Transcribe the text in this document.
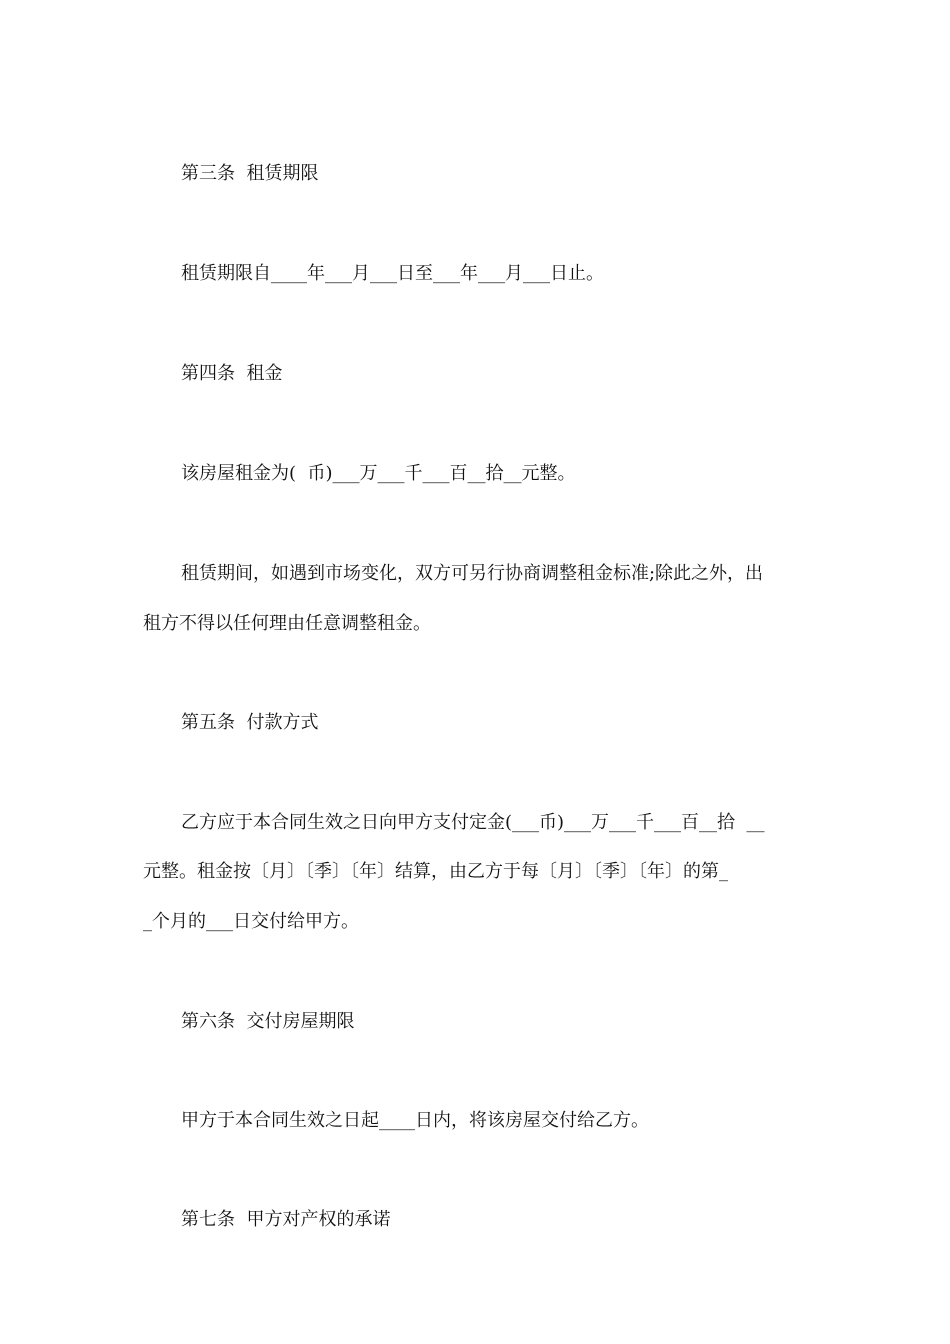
第三条  租赁期限

租赁期限自____年___月___日至___年___月___日止。

第四条  租金

该房屋租金为(  币)___万___千___百__拾__元整。

租赁期间，如遇到市场变化，双方可另行协商调整租金标准;除此之外，出

租方不得以任何理由任意调整租金。

第五条  付款方式

乙方应于本合同生效之日向甲方支付定金(___币)___万___千___百__拾  __

元整。租金按〔月〕〔季〕〔年〕结算，由乙方于每〔月〕〔季〕〔年〕的第_

_个月的___日交付给甲方。

第六条  交付房屋期限

甲方于本合同生效之日起____日内，将该房屋交付给乙方。

第七条  甲方对产权的承诺
